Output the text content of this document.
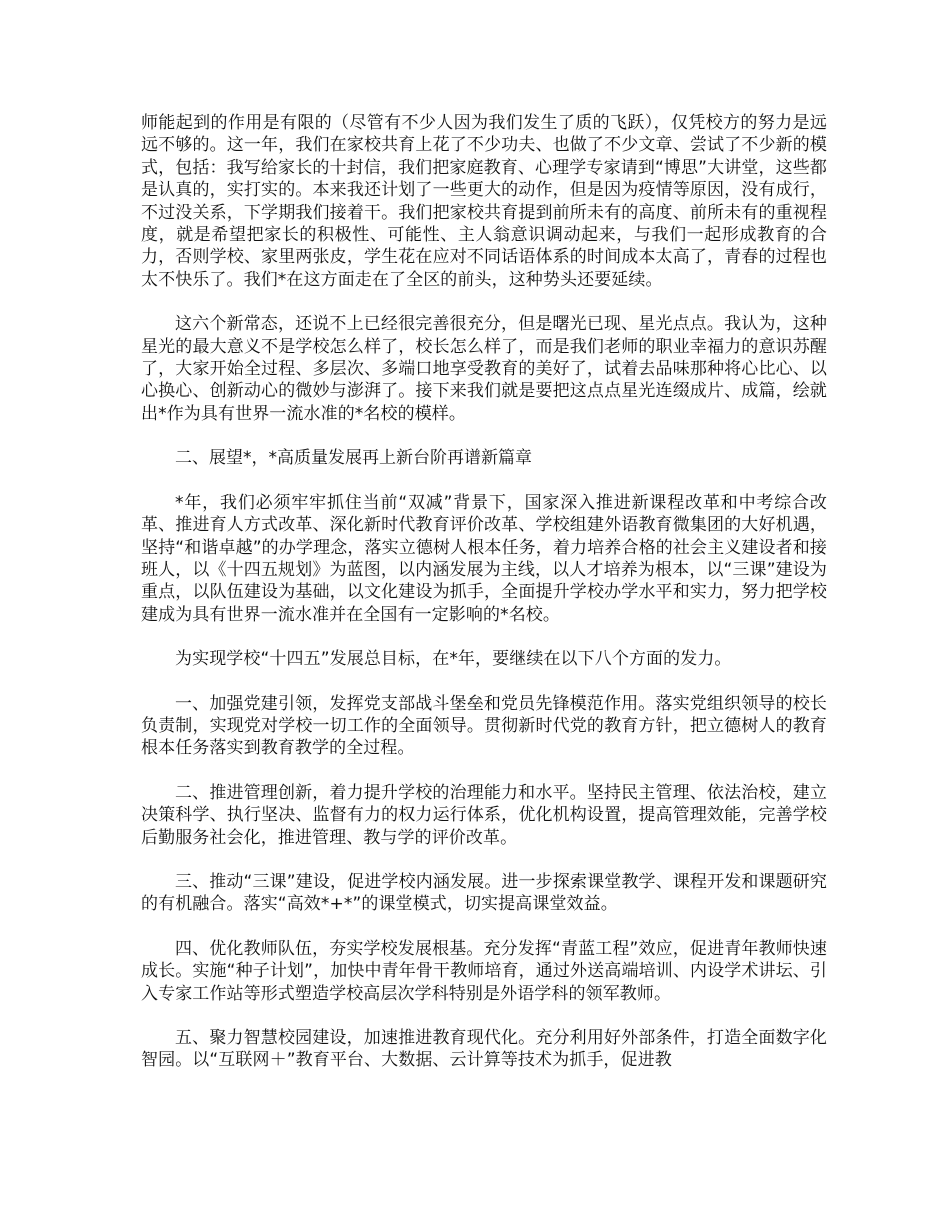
师能起到的作用是有限的（尽管有不少人因为我们发生了质的飞跃），仅凭校方的努力是远远不够的。这一年，我们在家校共育上花了不少功夫、也做了不少文章、尝试了不少新的模式，包括：我写给家长的十封信，我们把家庭教育、心理学专家请到“博思”大讲堂，这些都是认真的，实打实的。本来我还计划了一些更大的动作，但是因为疫情等原因，没有成行，不过没关系，下学期我们接着干。我们把家校共育提到前所未有的高度、前所未有的重视程度，就是希望把家长的积极性、可能性、主人翁意识调动起来，与我们一起形成教育的合力，否则学校、家里两张皮，学生花在应对不同话语体系的时间成本太高了，青春的过程也太不快乐了。我们*在这方面走在了全区的前头，这种势头还要延续。

这六个新常态，还说不上已经很完善很充分，但是曙光已现、星光点点。我认为，这种星光的最大意义不是学校怎么样了，校长怎么样了，而是我们老师的职业幸福力的意识苏醒了，大家开始全过程、多层次、多端口地享受教育的美好了，试着去品味那种将心比心、以心换心、创新动心的微妙与澎湃了。接下来我们就是要把这点点星光连缀成片、成篇，绘就出*作为具有世界一流水准的*名校的模样。

二、展望*，*高质量发展再上新台阶再谱新篇章

*年，我们必须牢牢抓住当前“双减”背景下，国家深入推进新课程改革和中考综合改革、推进育人方式改革、深化新时代教育评价改革、学校组建外语教育微集团的大好机遇，坚持“和谐卓越”的办学理念，落实立德树人根本任务，着力培养合格的社会主义建设者和接班人，以《十四五规划》为蓝图，以内涵发展为主线，以人才培养为根本，以“三课”建设为重点，以队伍建设为基础，以文化建设为抓手，全面提升学校办学水平和实力，努力把学校建成为具有世界一流水准并在全国有一定影响的*名校。

为实现学校“十四五”发展总目标，在*年，要继续在以下八个方面的发力。

一、加强党建引领，发挥党支部战斗堡垒和党员先锋模范作用。落实党组织领导的校长负责制，实现党对学校一切工作的全面领导。贯彻新时代党的教育方针，把立德树人的教育根本任务落实到教育教学的全过程。

二、推进管理创新，着力提升学校的治理能力和水平。坚持民主管理、依法治校，建立决策科学、执行坚决、监督有力的权力运行体系，优化机构设置，提高管理效能，完善学校后勤服务社会化，推进管理、教与学的评价改革。

三、推动“三课”建设，促进学校内涵发展。进一步探索课堂教学、课程开发和课题研究的有机融合。落实“高效*+*”的课堂模式，切实提高课堂效益。

四、优化教师队伍，夯实学校发展根基。充分发挥“青蓝工程”效应，促进青年教师快速成长。实施“种子计划”，加快中青年骨干教师培育，通过外送高端培训、内设学术讲坛、引入专家工作站等形式塑造学校高层次学科特别是外语学科的领军教师。

五、聚力智慧校园建设，加速推进教育现代化。充分利用好外部条件，打造全面数字化智园。以“互联网＋”教育平台、大数据、云计算等技术为抓手，促进教
